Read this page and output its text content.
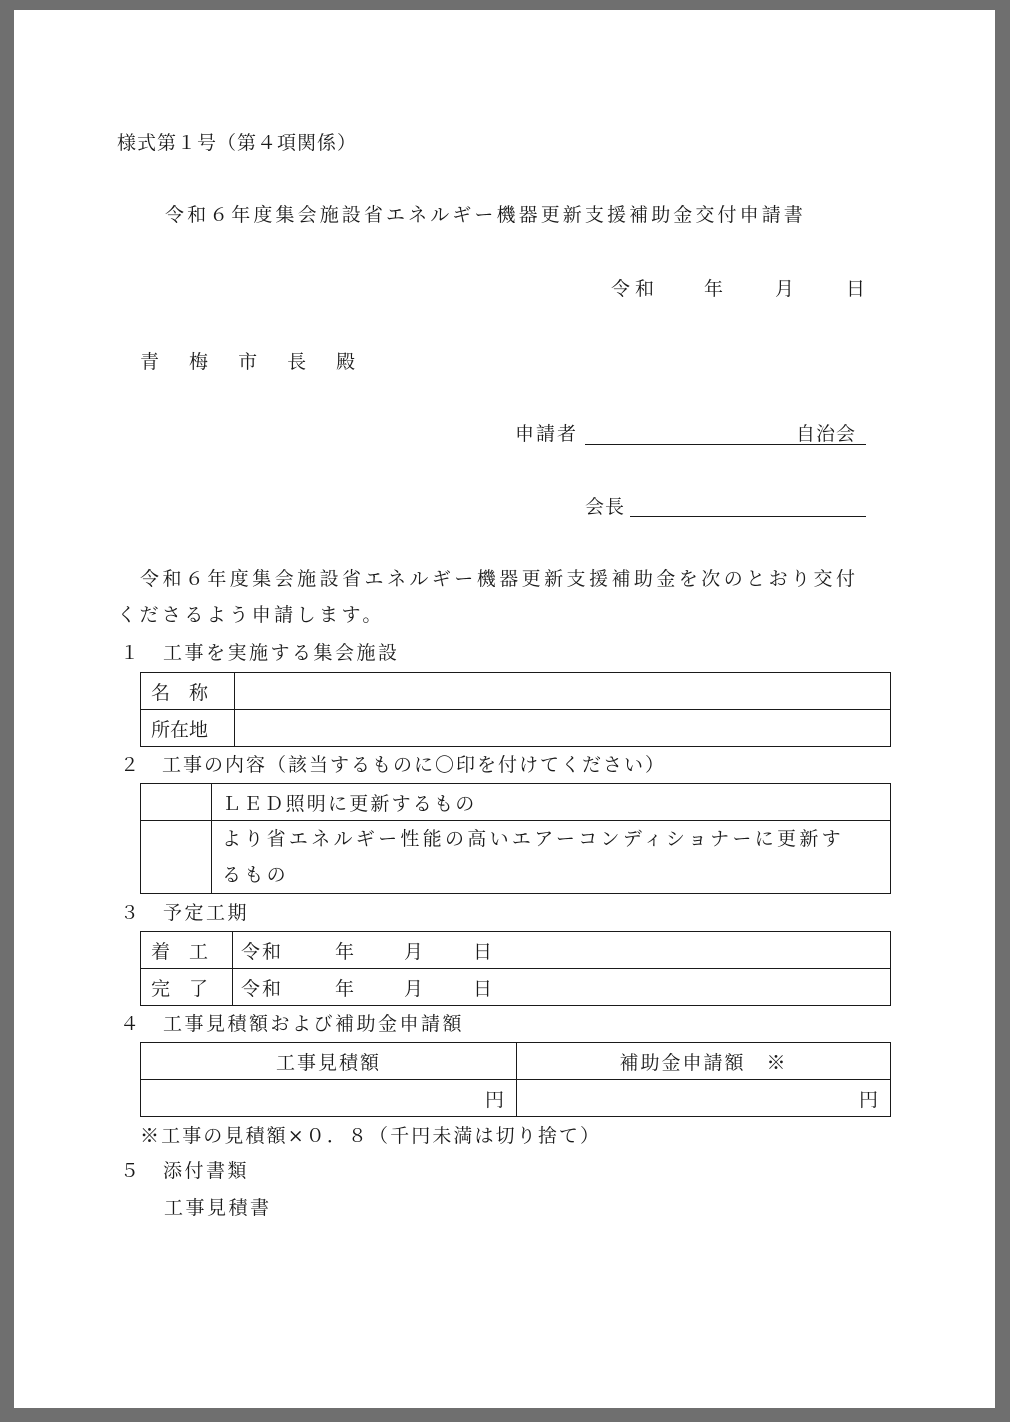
様式第１号（第４項関係）
令和６年度集会施設省エネルギー機器更新支援補助金交付申請書
令和 年	月	日
青 梅 市 長 殿
申請者	自治会
会長
令和６年度集会施設省エネルギー機器更新支援補助金を次のとおり交付
くださるよう申請します。
１　工事を実施する集会施設
名　称	
所在地	
２　工事の内容（該当するものに〇印を付けてください）
	ＬＥＤ照明に更新するもの

	より省エネルギー性能の高いエアーコンディショナーに更新す
るもの
３　予定工期
着　工	令和 年 月 日
完　了	令和 年 月 日
４　工事見積額および補助金申請額
工事見積額	補助金申請額　※
円	円
※工事の見積額×０．８（千円未満は切り捨て）
５　添付書類
工事見積書
